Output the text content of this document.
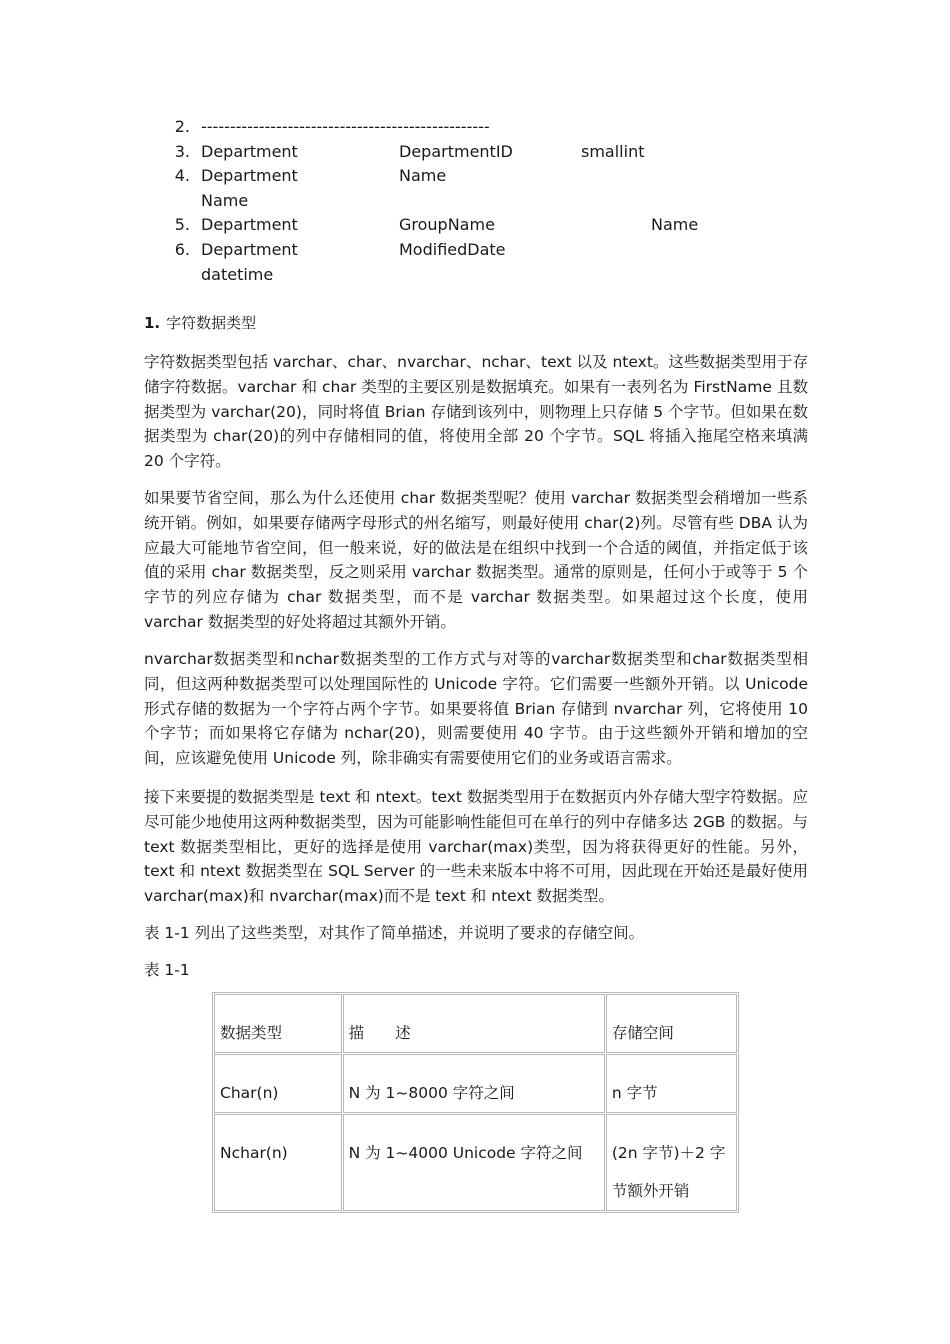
2. --------------------------------------------------
3. Department	DepartmentID	smallint
4. Department	Name
Name
5. Department	GroupName	Name
6. Department	ModifiedDate
datetime
1. 字符数据类型

字符数据类型包括 varchar、char、nvarchar、nchar、text 以及 ntext。这些数据类型用于存储字符数据。varchar 和 char 类型的主要区别是数据填充。如果有一表列名为 FirstName 且数据类型为 varchar(20)，同时将值 Brian 存储到该列中，则物理上只存储 5 个字节。但如果在数据类型为 char(20)的列中存储相同的值，将使用全部 20 个字节。SQL 将插入拖尾空格来填满 20 个字符。

如果要节省空间，那么为什么还使用 char 数据类型呢？使用 varchar 数据类型会稍增加一些系统开销。例如，如果要存储两字母形式的州名缩写，则最好使用 char(2)列。尽管有些 DBA 认为应最大可能地节省空间，但一般来说，好的做法是在组织中找到一个合适的阈值，并指定低于该值的采用 char 数据类型，反之则采用 varchar 数据类型。通常的原则是，任何小于或等于 5 个字节的列应存储为 char 数据类型，而不是 varchar 数据类型。如果超过这个长度，使用 varchar 数据类型的好处将超过其额外开销。

nvarchar数据类型和nchar数据类型的工作方式与对等的varchar数据类型和char数据类型相同，但这两种数据类型可以处理国际性的 Unicode 字符。它们需要一些额外开销。以 Unicode 形式存储的数据为一个字符占两个字节。如果要将值 Brian 存储到 nvarchar 列，它将使用 10 个字节；而如果将它存储为 nchar(20)，则需要使用 40 字节。由于这些额外开销和增加的空间，应该避免使用 Unicode 列，除非确实有需要使用它们的业务或语言需求。

接下来要提的数据类型是 text 和 ntext。text 数据类型用于在数据页内外存储大型字符数据。应尽可能少地使用这两种数据类型，因为可能影响性能但可在单行的列中存储多达 2GB 的数据。与 text 数据类型相比，更好的选择是使用 varchar(max)类型，因为将获得更好的性能。另外，text 和 ntext 数据类型在 SQL Server 的一些未来版本中将不可用，因此现在开始还是最好使用 varchar(max)和 nvarchar(max)而不是 text 和 ntext 数据类型。

表 1-1 列出了这些类型，对其作了简单描述，并说明了要求的存储空间。

表 1-1

数据类型	描　　述	存储空间
Char(n)	N 为 1~8000 字符之间	n 字节
Nchar(n)	N 为 1~4000 Unicode 字符之间	(2n 字节)＋2 字节额外开销
